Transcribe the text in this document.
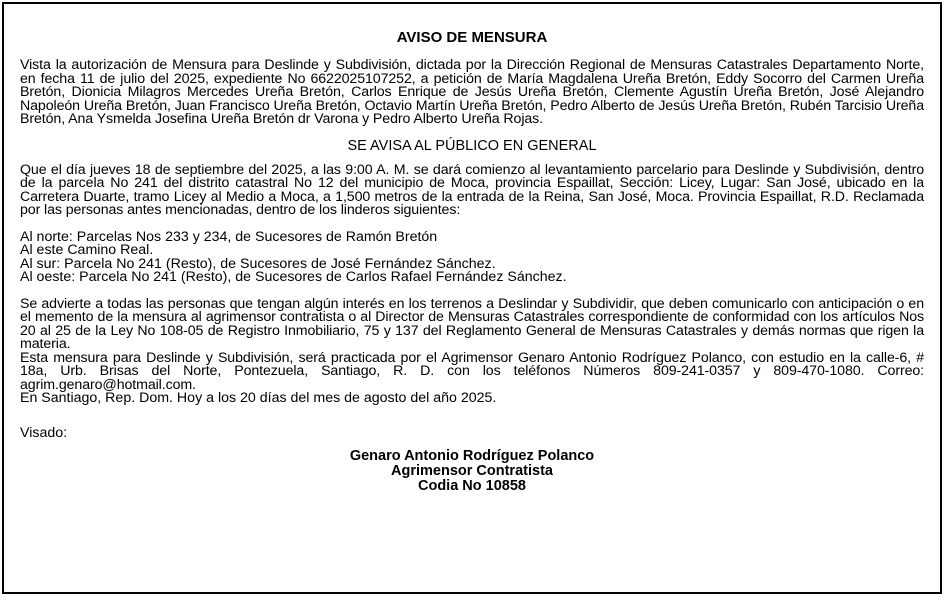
AVISO DE MENSURA

Vista la autorización de Mensura para Deslinde y Subdivisión, dictada por la Dirección Regional de Mensuras Catastrales Departamento Norte, en fecha 11 de julio del 2025, expediente No 6622025107252, a petición de María Magdalena Ureña Bretón, Eddy Socorro del Carmen Ureña Bretón, Dionicia Milagros Mercedes Ureña Bretón, Carlos Enrique de Jesús Ureña Bretón, Clemente Agustín Ureña Bretón, José Alejandro Napoleón Ureña Bretón, Juan Francisco Ureña Bretón, Octavio Martín Ureña Bretón, Pedro Alberto de Jesús Ureña Bretón, Rubén Tarcisio Ureña Bretón, Ana Ysmelda Josefina Ureña Bretón dr Varona y Pedro Alberto Ureña Rojas.

SE AVISA AL PÚBLICO EN GENERAL

Que el día jueves 18 de septiembre del 2025, a las 9:00 A. M. se dará comienzo al levantamiento parcelario para Deslinde y Subdivisión, dentro de la parcela No 241 del distrito catastral No 12 del municipio de Moca, provincia Espaillat, Sección: Licey, Lugar: San José, ubicado en la Carretera Duarte, tramo Licey al Medio a Moca, a 1,500 metros de la entrada de la Reina, San José, Moca. Provincia Espaillat, R.D. Reclamada por las personas antes mencionadas, dentro de los linderos siguientes:

Al norte: Parcelas Nos 233 y 234, de Sucesores de Ramón Bretón
Al este Camino Real.
Al sur: Parcela No 241 (Resto), de Sucesores de José Fernández Sánchez.
Al oeste: Parcela No 241 (Resto), de Sucesores de Carlos Rafael Fernández Sánchez.

Se advierte a todas las personas que tengan algún interés en los terrenos a Deslindar y Subdividir, que deben comunicarlo con anticipación o en el memento de la mensura al agrimensor contratista o al Director de Mensuras Catastrales correspondiente de conformidad con los artículos Nos 20 al 25 de la Ley No 108-05 de Registro Inmobiliario, 75 y 137 del Reglamento General de Mensuras Catastrales y demás normas que rigen la materia.

Esta mensura para Deslinde y Subdivisión, será practicada por el Agrimensor Genaro Antonio Rodríguez Polanco, con estudio en la calle-6, # 18a, Urb. Brisas del Norte, Pontezuela, Santiago, R. D. con los teléfonos Números 809-241-0357 y 809-470-1080. Correo: agrim.genaro@hotmail.com.

En Santiago, Rep. Dom. Hoy a los 20 días del mes de agosto del año 2025.

Visado:
Genaro Antonio Rodríguez Polanco
Agrimensor Contratista
Codia No 10858
